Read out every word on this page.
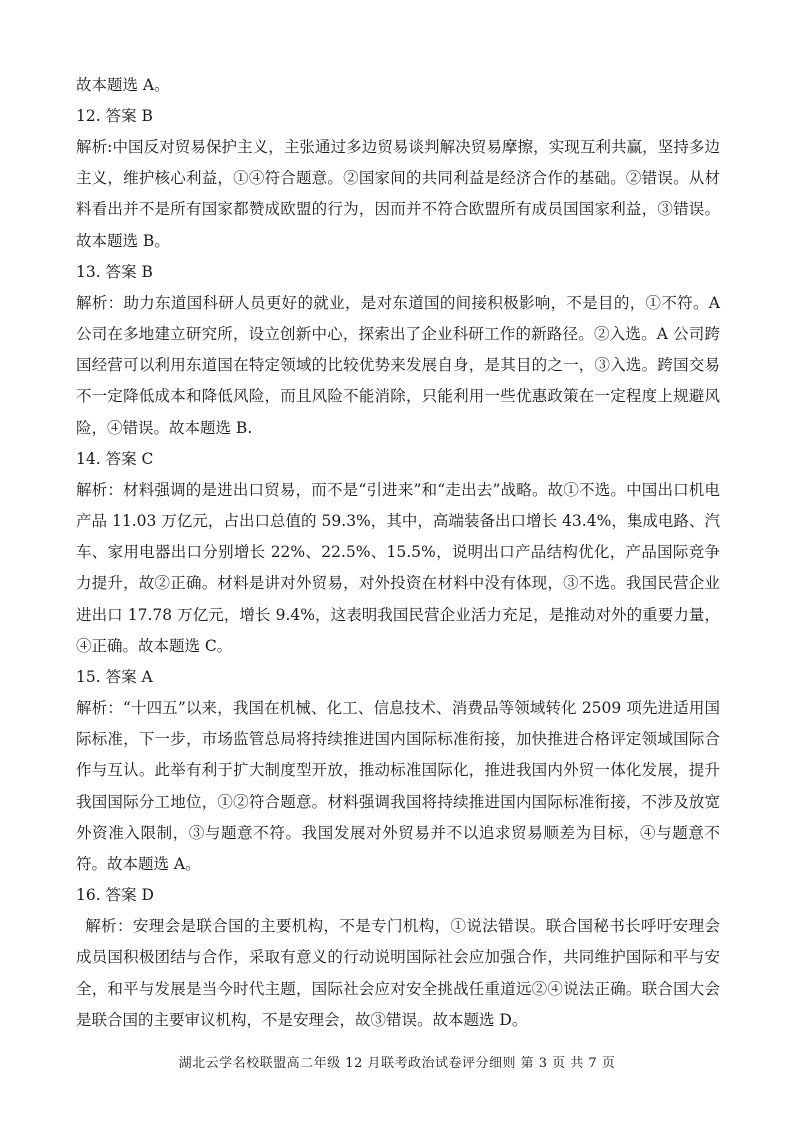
故本题选 A。

12. 答案 B

解析:中国反对贸易保护主义，主张通过多边贸易谈判解决贸易摩擦，实现互利共赢，坚持多边主义，维护核心利益，①④符合题意。②国家间的共同利益是经济合作的基础。②错误。从材料看出并不是所有国家都赞成欧盟的行为，因而并不符合欧盟所有成员国国家利益，③错误。故本题选 B。

13. 答案 B

解析：助力东道国科研人员更好的就业，是对东道国的间接积极影响，不是目的，①不符。A 公司在多地建立研究所，设立创新中心，探索出了企业科研工作的新路径。②入选。A 公司跨国经营可以利用东道国在特定领域的比较优势来发展自身，是其目的之一，③入选。跨国交易不一定降低成本和降低风险，而且风险不能消除，只能利用一些优惠政策在一定程度上规避风险，④错误。故本题选 B.

14. 答案 C

解析：材料强调的是进出口贸易，而不是“引进来”和“走出去”战略。故①不选。中国出口机电产品 11.03 万亿元，占出口总值的 59.3%，其中，高端装备出口增长 43.4%，集成电路、汽车、家用电器出口分别增长 22%、22.5%、15.5%，说明出口产品结构优化，产品国际竞争力提升，故②正确。材料是讲对外贸易，对外投资在材料中没有体现，③不选。我国民营企业进出口 17.78 万亿元，增长 9.4%，这表明我国民营企业活力充足，是推动对外的重要力量，④正确。故本题选 C。

15. 答案 A

解析：“十四五”以来，我国在机械、化工、信息技术、消费品等领域转化 2509 项先进适用国际标准，下一步，市场监管总局将持续推进国内国际标准衔接，加快推进合格评定领域国际合作与互认。此举有利于扩大制度型开放，推动标准国际化，推进我国内外贸一体化发展，提升我国国际分工地位，①②符合题意。材料强调我国将持续推进国内国际标准衔接，不涉及放宽外资准入限制，③与题意不符。我国发展对外贸易并不以追求贸易顺差为目标，④与题意不符。故本题选 A。

16. 答案 D

解析：安理会是联合国的主要机构，不是专门机构，①说法错误。联合国秘书长呼吁安理会成员国积极团结与合作，采取有意义的行动说明国际社会应加强合作，共同维护国际和平与安全，和平与发展是当今时代主题，国际社会应对安全挑战任重道远②④说法正确。联合国大会是联合国的主要审议机构，不是安理会，故③错误。故本题选 D。

湖北云学名校联盟高二年级 12 月联考政治试卷评分细则 第 3 页 共 7 页
